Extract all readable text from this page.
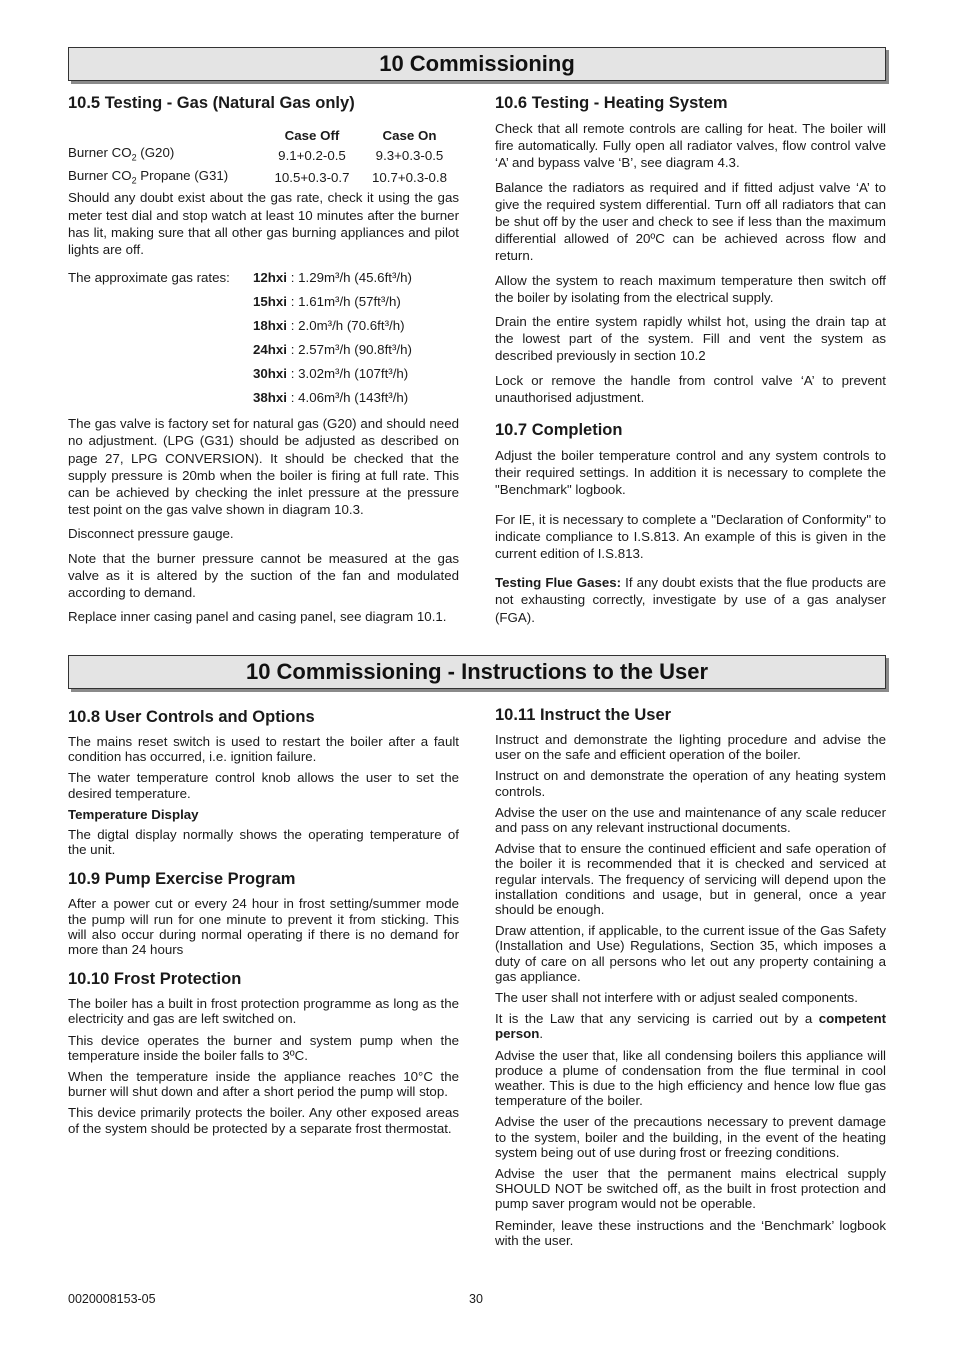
10 Commissioning
10.5 Testing - Gas (Natural Gas only)
	Case Off	Case On
Burner $CO_2$ (G20)	9.1+0.2-0.5	9.3+0.3-0.5
Burner $CO_2$ Propane (G31)	10.5+0.3-0.7	10.7+0.3-0.8

Should any doubt exist about the gas rate, check it using the gas meter test dial and stop watch at least 10 minutes after the burner has lit, making sure that all other gas burning appliances and pilot lights are off.

The approximate gas rates:	12hxi : 1.29m³/h (45.6ft³/h)
15hxi : 1.61m³/h (57ft³/h)
18hxi : 2.0m³/h (70.6ft³/h)
24hxi : 2.57m³/h (90.8ft³/h)
30hxi : 3.02m³/h (107ft³/h)
38hxi : 4.06m³/h (143ft³/h)

The gas valve is factory set for natural gas (G20) and should need no adjustment. (LPG (G31) should be adjusted as described on page 27, LPG CONVERSION). It should be checked that the supply pressure is 20mb when the boiler is firing at full rate. This can be achieved by checking the inlet pressure at the pressure test point on the gas valve shown in diagram 10.3.

Disconnect pressure gauge.

Note that the burner pressure cannot be measured at the gas valve as it is altered by the suction of the fan and modulated according to demand.

Replace inner casing panel and casing panel, see diagram 10.1.

10.6 Testing - Heating System

Check that all remote controls are calling for heat. The boiler will fire automatically. Fully open all radiator valves, flow control valve ‘A’ and bypass valve ‘B’, see diagram 4.3.

Balance the radiators as required and if fitted adjust valve ‘A’ to give the required system differential. Turn off all radiators that can be shut off by the user and check to see if less than the maximum differential allowed of 20ºC can be achieved across flow and return.

Allow the system to reach maximum temperature then switch off the boiler by isolating from the electrical supply.

Drain the entire system rapidly whilst hot, using the drain tap at the lowest part of the system. Fill and vent the system as described previously in section 10.2

Lock or remove the handle from control valve ‘A’ to prevent unauthorised adjustment.

10.7 Completion

Adjust the boiler temperature control and any system controls to their required settings. In addition it is necessary to complete the "Benchmark" logbook.

For IE, it is necessary to complete a "Declaration of Conformity" to indicate compliance to I.S.813. An example of this is given in the current edition of I.S.813.

Testing Flue Gases: If any doubt exists that the flue products are not exhausting correctly, investigate by use of a gas analyser (FGA).

10 Commissioning - Instructions to the User
10.8 User Controls and Options

The mains reset switch is used to restart the boiler after a fault condition has occurred, i.e. ignition failure.

The water temperature control knob allows the user to set the desired temperature.

Temperature Display

The digtal display normally shows the operating temperature of the unit.

10.9 Pump Exercise Program

After a power cut or every 24 hour in frost setting/summer mode the pump will run for one minute to prevent it from sticking. This will also occur during normal operating if there is no demand for more than 24 hours

10.10 Frost Protection

The boiler has a built in frost protection programme as long as the electricity and gas are left switched on.

This device operates the burner and system pump when the temperature inside the boiler falls to 3ºC.

When the temperature inside the appliance reaches 10°C the burner will shut down and after a short period the pump will stop.

This device primarily protects the boiler. Any other exposed areas of the system should be protected by a separate frost thermostat.

10.11 Instruct the User

Instruct and demonstrate the lighting procedure and advise the user on the safe and efficient operation of the boiler.

Instruct on and demonstrate the operation of any heating system controls.

Advise the user on the use and maintenance of any scale reducer and pass on any relevant instructional documents.

Advise that to ensure the continued efficient and safe operation of the boiler it is recommended that it is checked and serviced at regular intervals. The frequency of servicing will depend upon the installation conditions and usage, but in general, once a year should be enough.

Draw attention, if applicable, to the current issue of the Gas Safety (Installation and Use) Regulations, Section 35, which imposes a duty of care on all persons who let out any property containing a gas appliance.

The user shall not interfere with or adjust sealed components.

It is the Law that any servicing is carried out by a competent person.

Advise the user that, like all condensing boilers this appliance will produce a plume of condensation from the flue terminal in cool weather. This is due to the high efficiency and hence low flue gas temperature of the boiler.

Advise the user of the precautions necessary to prevent damage to the system, boiler and the building, in the event of the heating system being out of use during frost or freezing conditions.

Advise the user that the permanent mains electrical supply SHOULD NOT be switched off, as the built in frost protection and pump saver program would not be operable.

Reminder, leave these instructions and the ‘Benchmark’ logbook with the user.

0020008153-05	30
